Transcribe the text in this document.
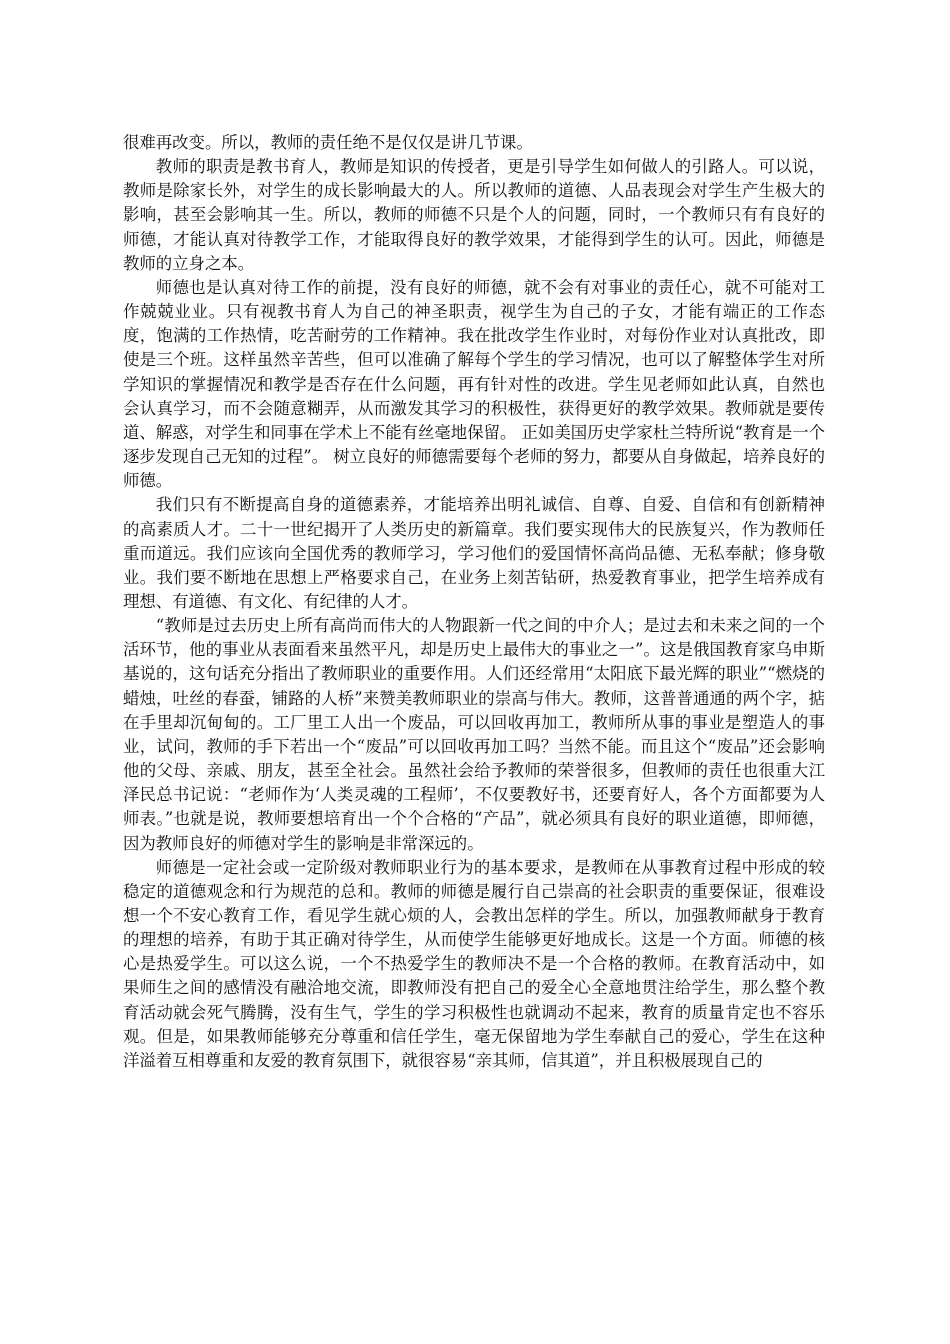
很难再改变。所以，教师的责任绝不是仅仅是讲几节课。

教师的职责是教书育人，教师是知识的传授者，更是引导学生如何做人的引路人。可以说，教师是除家长外，对学生的成长影响最大的人。所以教师的道德、人品表现会对学生产生极大的影响，甚至会影响其一生。所以，教师的师德不只是个人的问题，同时，一个教师只有有良好的师德，才能认真对待教学工作，才能取得良好的教学效果，才能得到学生的认可。因此，师德是教师的立身之本。

师德也是认真对待工作的前提，没有良好的师德，就不会有对事业的责任心，就不可能对工作兢兢业业。只有视教书育人为自己的神圣职责，视学生为自己的子女，才能有端正的工作态度，饱满的工作热情，吃苦耐劳的工作精神。我在批改学生作业时，对每份作业对认真批改，即使是三个班。这样虽然辛苦些，但可以准确了解每个学生的学习情况，也可以了解整体学生对所学知识的掌握情况和教学是否存在什么问题，再有针对性的改进。学生见老师如此认真，自然也会认真学习，而不会随意糊弄，从而激发其学习的积极性，获得更好的教学效果。教师就是要传道、解惑，对学生和同事在学术上不能有丝毫地保留。 正如美国历史学家杜兰特所说“教育是一个逐步发现自己无知的过程”。 树立良好的师德需要每个老师的努力，都要从自身做起，培养良好的师德。

我们只有不断提高自身的道德素养，才能培养出明礼诚信、自尊、自爱、自信和有创新精神的高素质人才。二十一世纪揭开了人类历史的新篇章。我们要实现伟大的民族复兴，作为教师任重而道远。我们应该向全国优秀的教师学习，学习他们的爱国情怀高尚品德、无私奉献；修身敬业。我们要不断地在思想上严格要求自己，在业务上刻苦钻研，热爱教育事业，把学生培养成有理想、有道德、有文化、有纪律的人才。

“教师是过去历史上所有高尚而伟大的人物跟新一代之间的中介人；是过去和未来之间的一个活环节，他的事业从表面看来虽然平凡，却是历史上最伟大的事业之一”。这是俄国教育家乌申斯基说的，这句话充分指出了教师职业的重要作用。人们还经常用“太阳底下最光辉的职业”“燃烧的蜡烛，吐丝的春蚕，铺路的人桥”来赞美教师职业的崇高与伟大。教师，这普普通通的两个字，掂在手里却沉甸甸的。工厂里工人出一个废品，可以回收再加工，教师所从事的事业是塑造人的事业，试问，教师的手下若出一个“废品”可以回收再加工吗？当然不能。而且这个“废品”还会影响他的父母、亲戚、朋友，甚至全社会。虽然社会给予教师的荣誉很多，但教师的责任也很重大江泽民总书记说：“老师作为‘人类灵魂的工程师’，不仅要教好书，还要育好人，各个方面都要为人师表。”也就是说，教师要想培育出一个个合格的“产品”，就必须具有良好的职业道德，即师德，因为教师良好的师德对学生的影响是非常深远的。

师德是一定社会或一定阶级对教师职业行为的基本要求，是教师在从事教育过程中形成的较稳定的道德观念和行为规范的总和。教师的师德是履行自己崇高的社会职责的重要保证，很难设想一个不安心教育工作，看见学生就心烦的人，会教出怎样的学生。所以，加强教师献身于教育的理想的培养，有助于其正确对待学生，从而使学生能够更好地成长。这是一个方面。师德的核心是热爱学生。可以这么说，一个不热爱学生的教师决不是一个合格的教师。在教育活动中，如果师生之间的感情没有融洽地交流，即教师没有把自己的爱全心全意地贯注给学生，那么整个教育活动就会死气腾腾，没有生气，学生的学习积极性也就调动不起来，教育的质量肯定也不容乐观。但是，如果教师能够充分尊重和信任学生，毫无保留地为学生奉献自己的爱心，学生在这种洋溢着互相尊重和友爱的教育氛围下，就很容易“亲其师，信其道”，并且积极展现自己的
